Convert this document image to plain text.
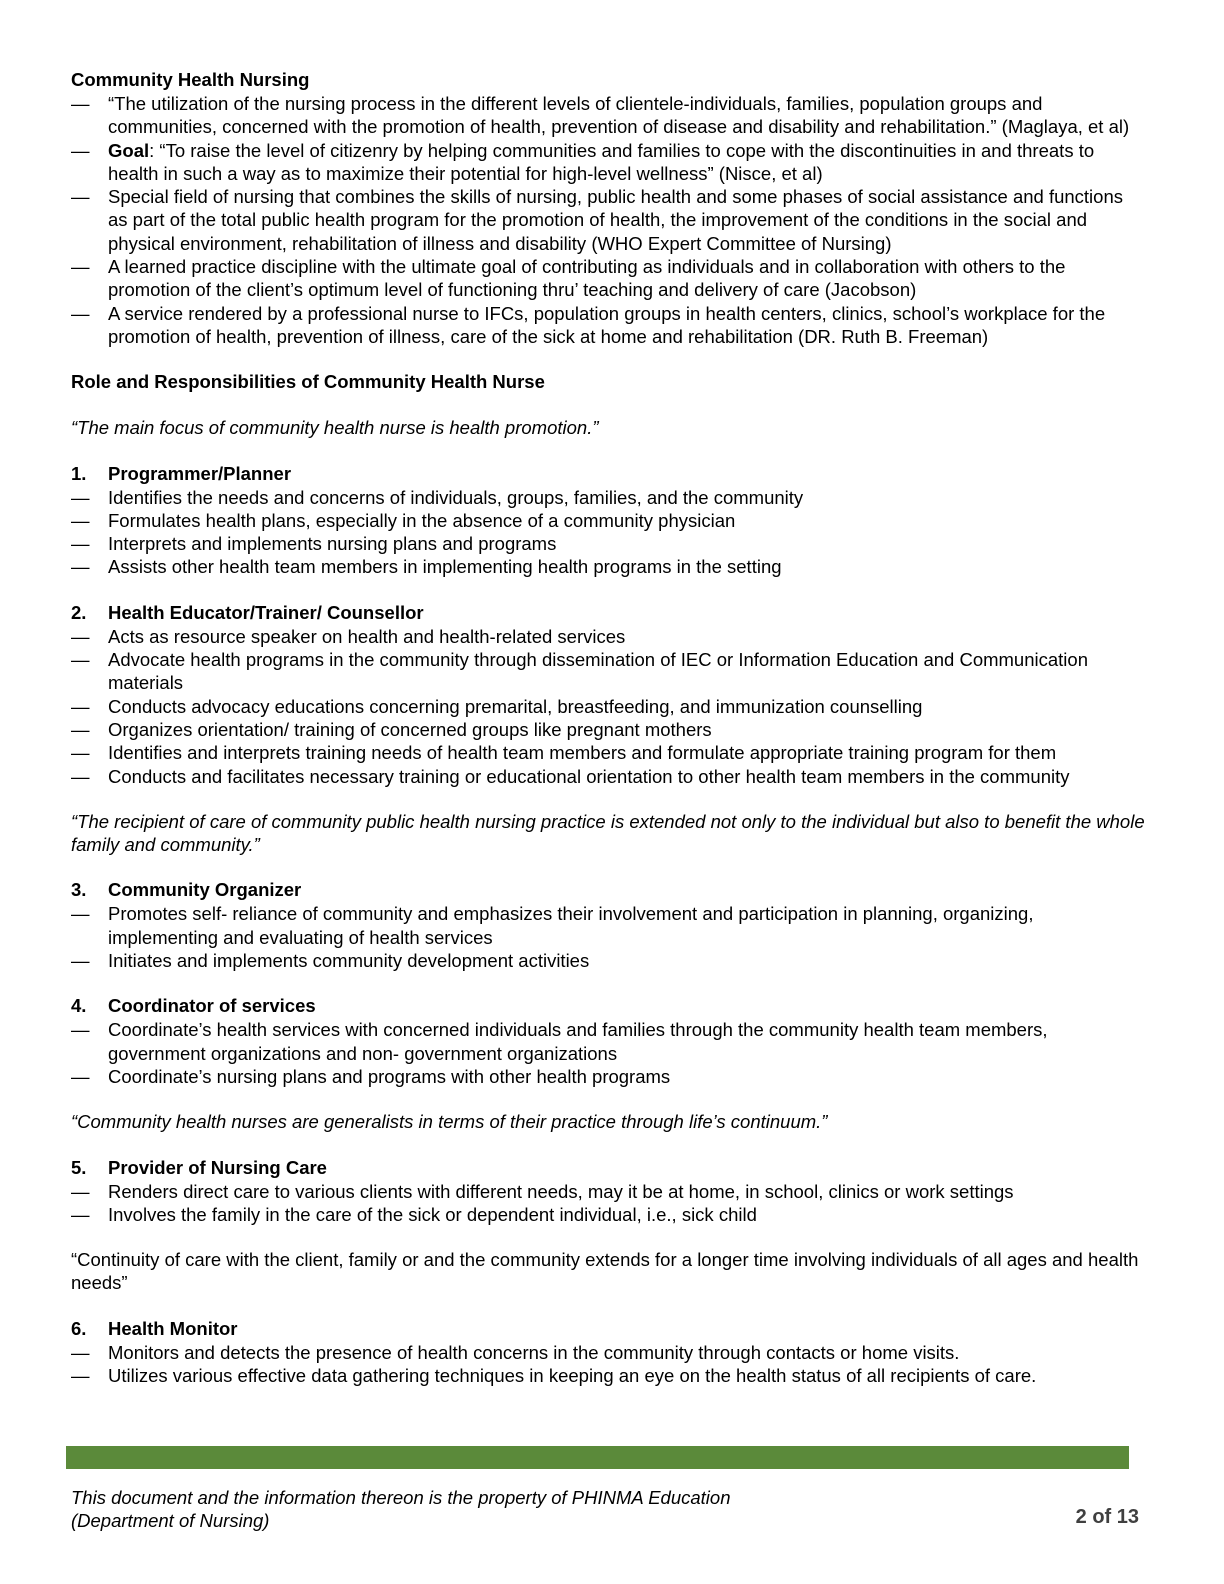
Community Health Nursing

— “The utilization of the nursing process in the different levels of clientele-individuals, families, population groups and communities, concerned with the promotion of health, prevention of disease and disability and rehabilitation.” (Maglaya, et al)
— Goal: “To raise the level of citizenry by helping communities and families to cope with the discontinuities in and threats to health in such a way as to maximize their potential for high-level wellness” (Nisce, et al)
— Special field of nursing that combines the skills of nursing, public health and some phases of social assistance and functions as part of the total public health program for the promotion of health, the improvement of the conditions in the social and physical environment, rehabilitation of illness and disability (WHO Expert Committee of Nursing)
— A learned practice discipline with the ultimate goal of contributing as individuals and in collaboration with others to the promotion of the client’s optimum level of functioning thru’ teaching and delivery of care (Jacobson)
— A service rendered by a professional nurse to IFCs, population groups in health centers, clinics, school’s workplace for the promotion of health, prevention of illness, care of the sick at home and rehabilitation (DR. Ruth B. Freeman)

Role and Responsibilities of Community Health Nurse

“The main focus of community health nurse is health promotion.”

1. Programmer/Planner

— Identifies the needs and concerns of individuals, groups, families, and the community
— Formulates health plans, especially in the absence of a community physician
— Interprets and implements nursing plans and programs
— Assists other health team members in implementing health programs in the setting

2. Health Educator/Trainer/ Counsellor

— Acts as resource speaker on health and health-related services
— Advocate health programs in the community through dissemination of IEC or Information Education and Communication materials
— Conducts advocacy educations concerning premarital, breastfeeding, and immunization counselling
— Organizes orientation/ training of concerned groups like pregnant mothers
— Identifies and interprets training needs of health team members and formulate appropriate training program for them
— Conducts and facilitates necessary training or educational orientation to other health team members in the community

“The recipient of care of community public health nursing practice is extended not only to the individual but also to benefit the whole family and community.”

3. Community Organizer

— Promotes self- reliance of community and emphasizes their involvement and participation in planning, organizing, implementing and evaluating of health services
— Initiates and implements community development activities

4. Coordinator of services

— Coordinate’s health services with concerned individuals and families through the community health team members, government organizations and non- government organizations
— Coordinate’s nursing plans and programs with other health programs

“Community health nurses are generalists in terms of their practice through life’s continuum.”

5. Provider of Nursing Care

— Renders direct care to various clients with different needs, may it be at home, in school, clinics or work settings
— Involves the family in the care of the sick or dependent individual, i.e., sick child

“Continuity of care with the client, family or and the community extends for a longer time involving individuals of all ages and health needs”

6. Health Monitor

— Monitors and detects the presence of health concerns in the community through contacts or home visits.
— Utilizes various effective data gathering techniques in keeping an eye on the health status of all recipients of care.
This document and the information thereon is the property of PHINMA Education (Department of Nursing)	2 of 13
